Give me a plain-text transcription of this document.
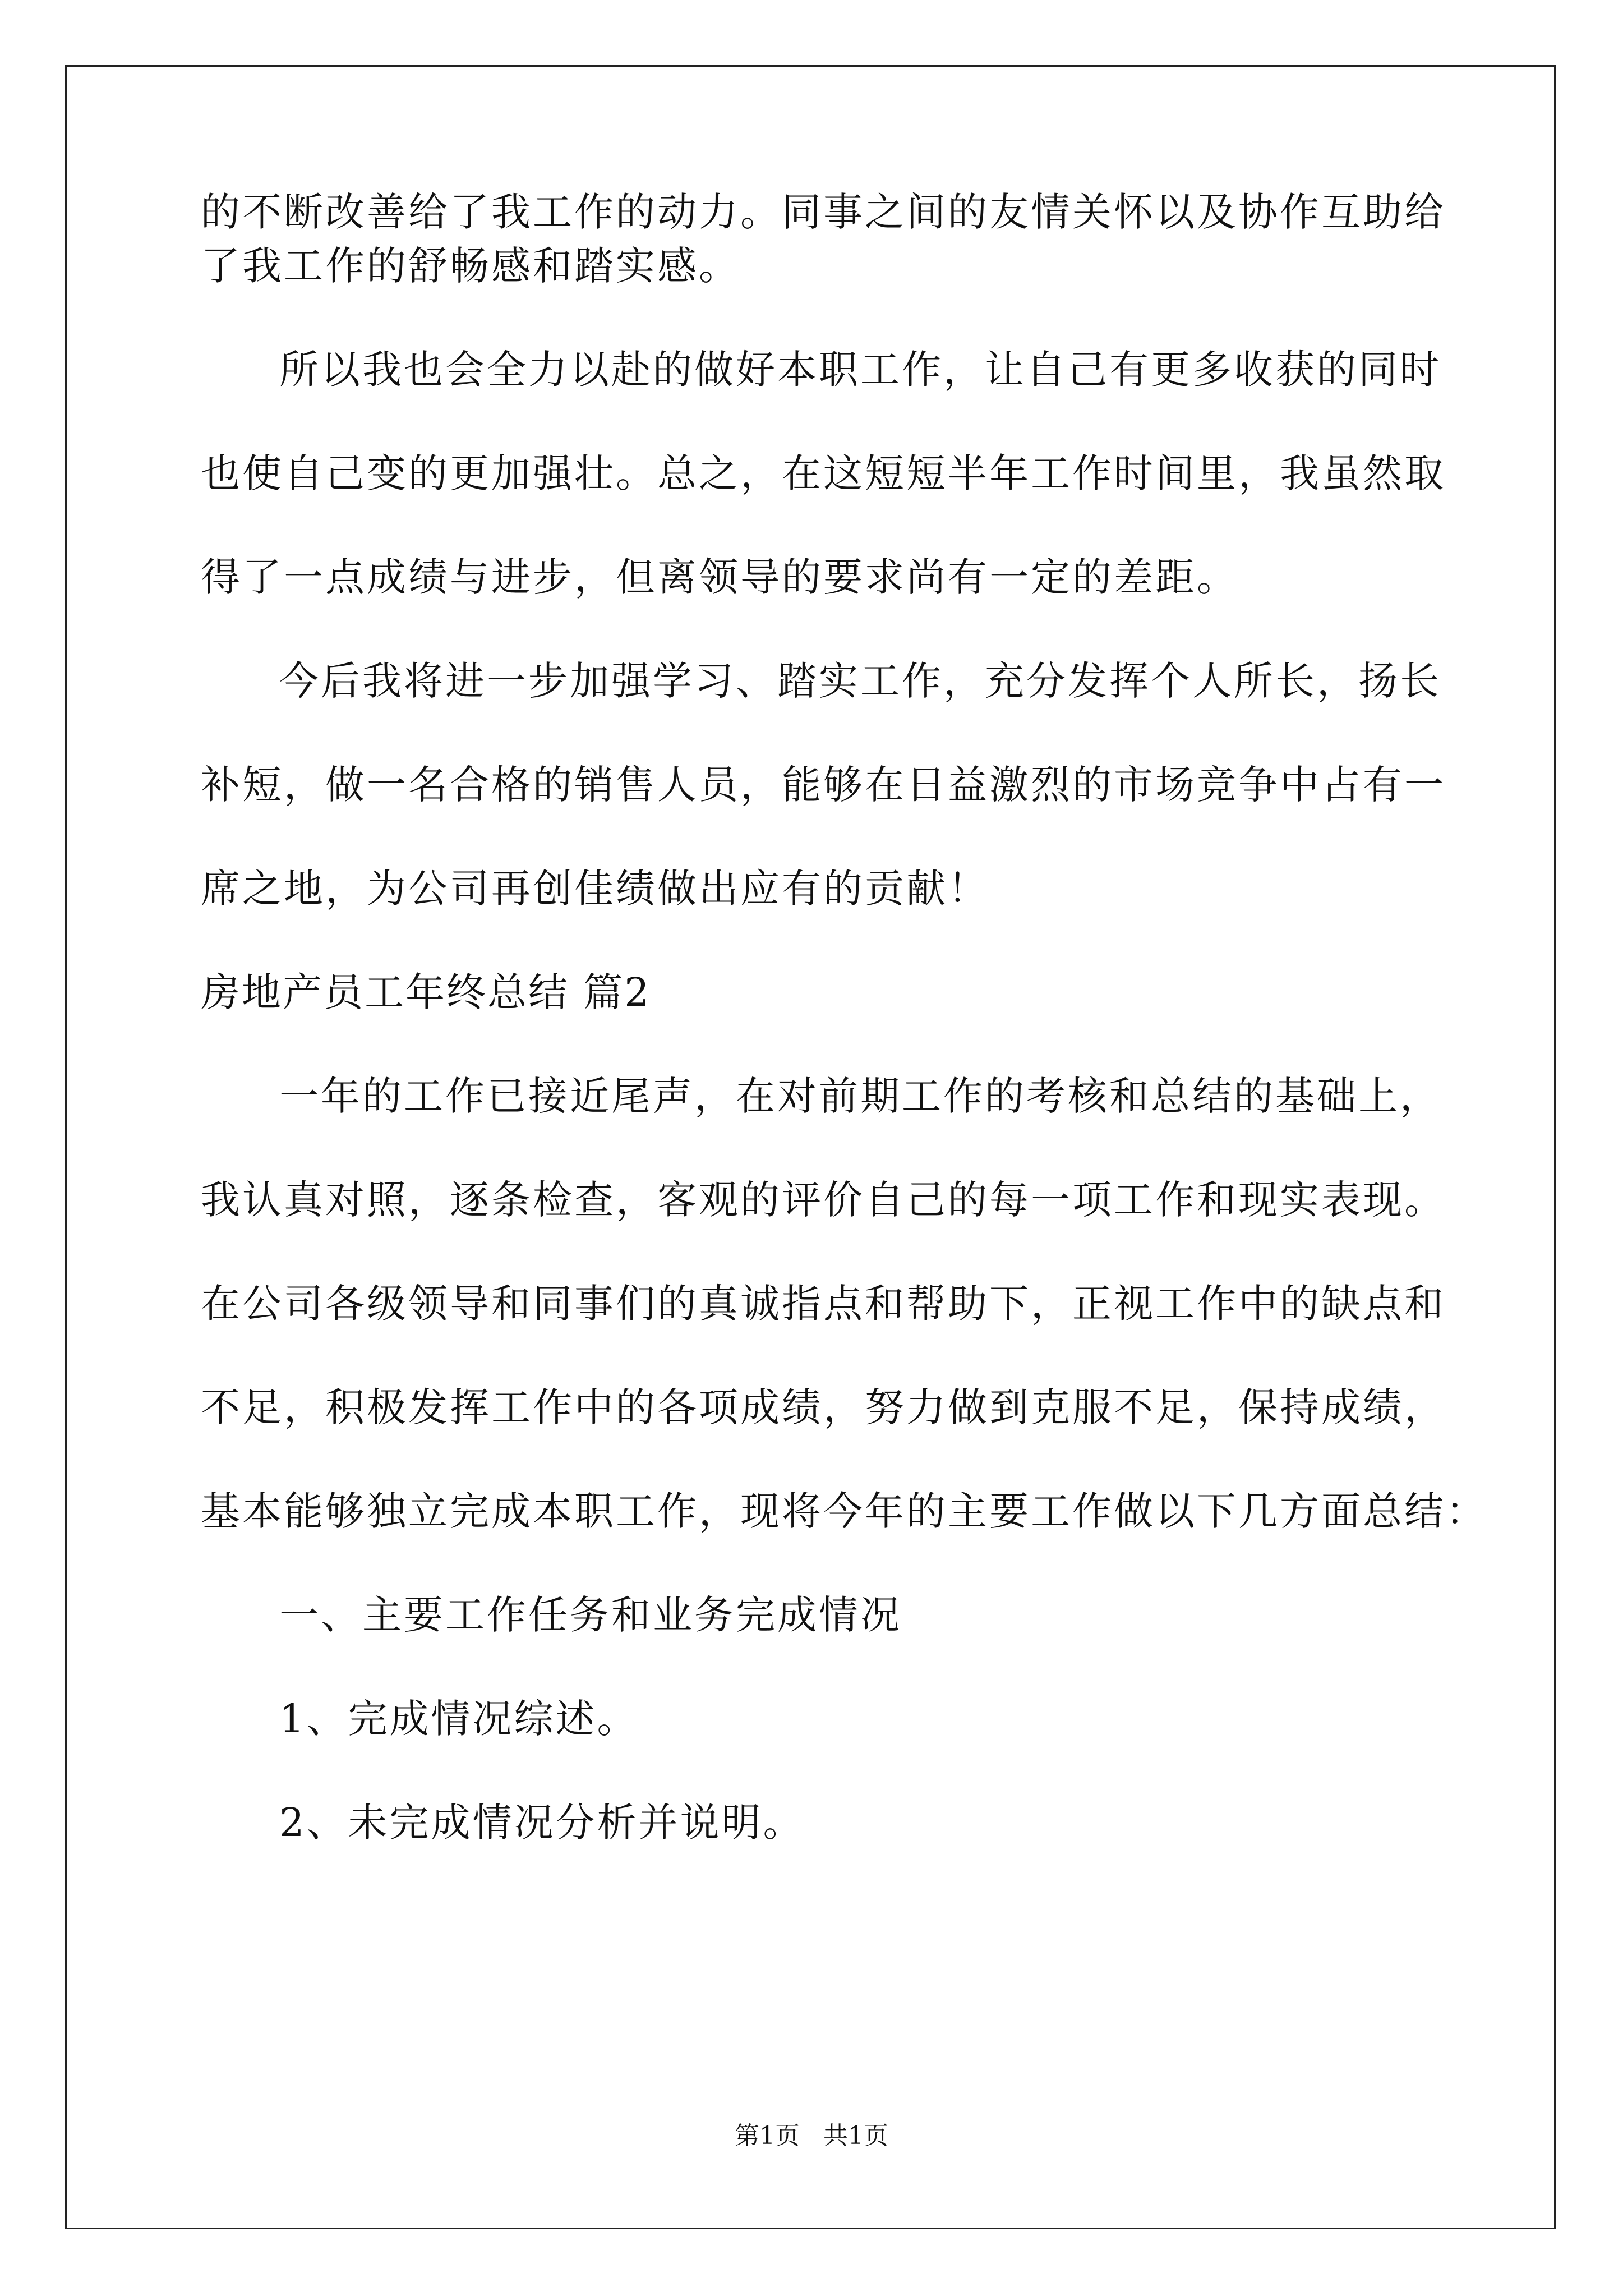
的不断改善给了我工作的动力。同事之间的友情关怀以及协作互助给

了我工作的舒畅感和踏实感。

所以我也会全力以赴的做好本职工作，让自己有更多收获的同时

也使自己变的更加强壮。总之，在这短短半年工作时间里，我虽然取

得了一点成绩与进步，但离领导的要求尚有一定的差距。

今后我将进一步加强学习、踏实工作，充分发挥个人所长，扬长

补短，做一名合格的销售人员，能够在日益激烈的市场竞争中占有一

席之地，为公司再创佳绩做出应有的贡献！

房地产员工年终总结 篇2

一年的工作已接近尾声，在对前期工作的考核和总结的基础上，

我认真对照，逐条检查，客观的评价自己的每一项工作和现实表现。

在公司各级领导和同事们的真诚指点和帮助下，正视工作中的缺点和

不足，积极发挥工作中的各项成绩，努力做到克服不足，保持成绩，

基本能够独立完成本职工作，现将今年的主要工作做以下几方面总结：

一、主要工作任务和业务完成情况

1、完成情况综述。

2、未完成情况分析并说明。

第1页 共1页
